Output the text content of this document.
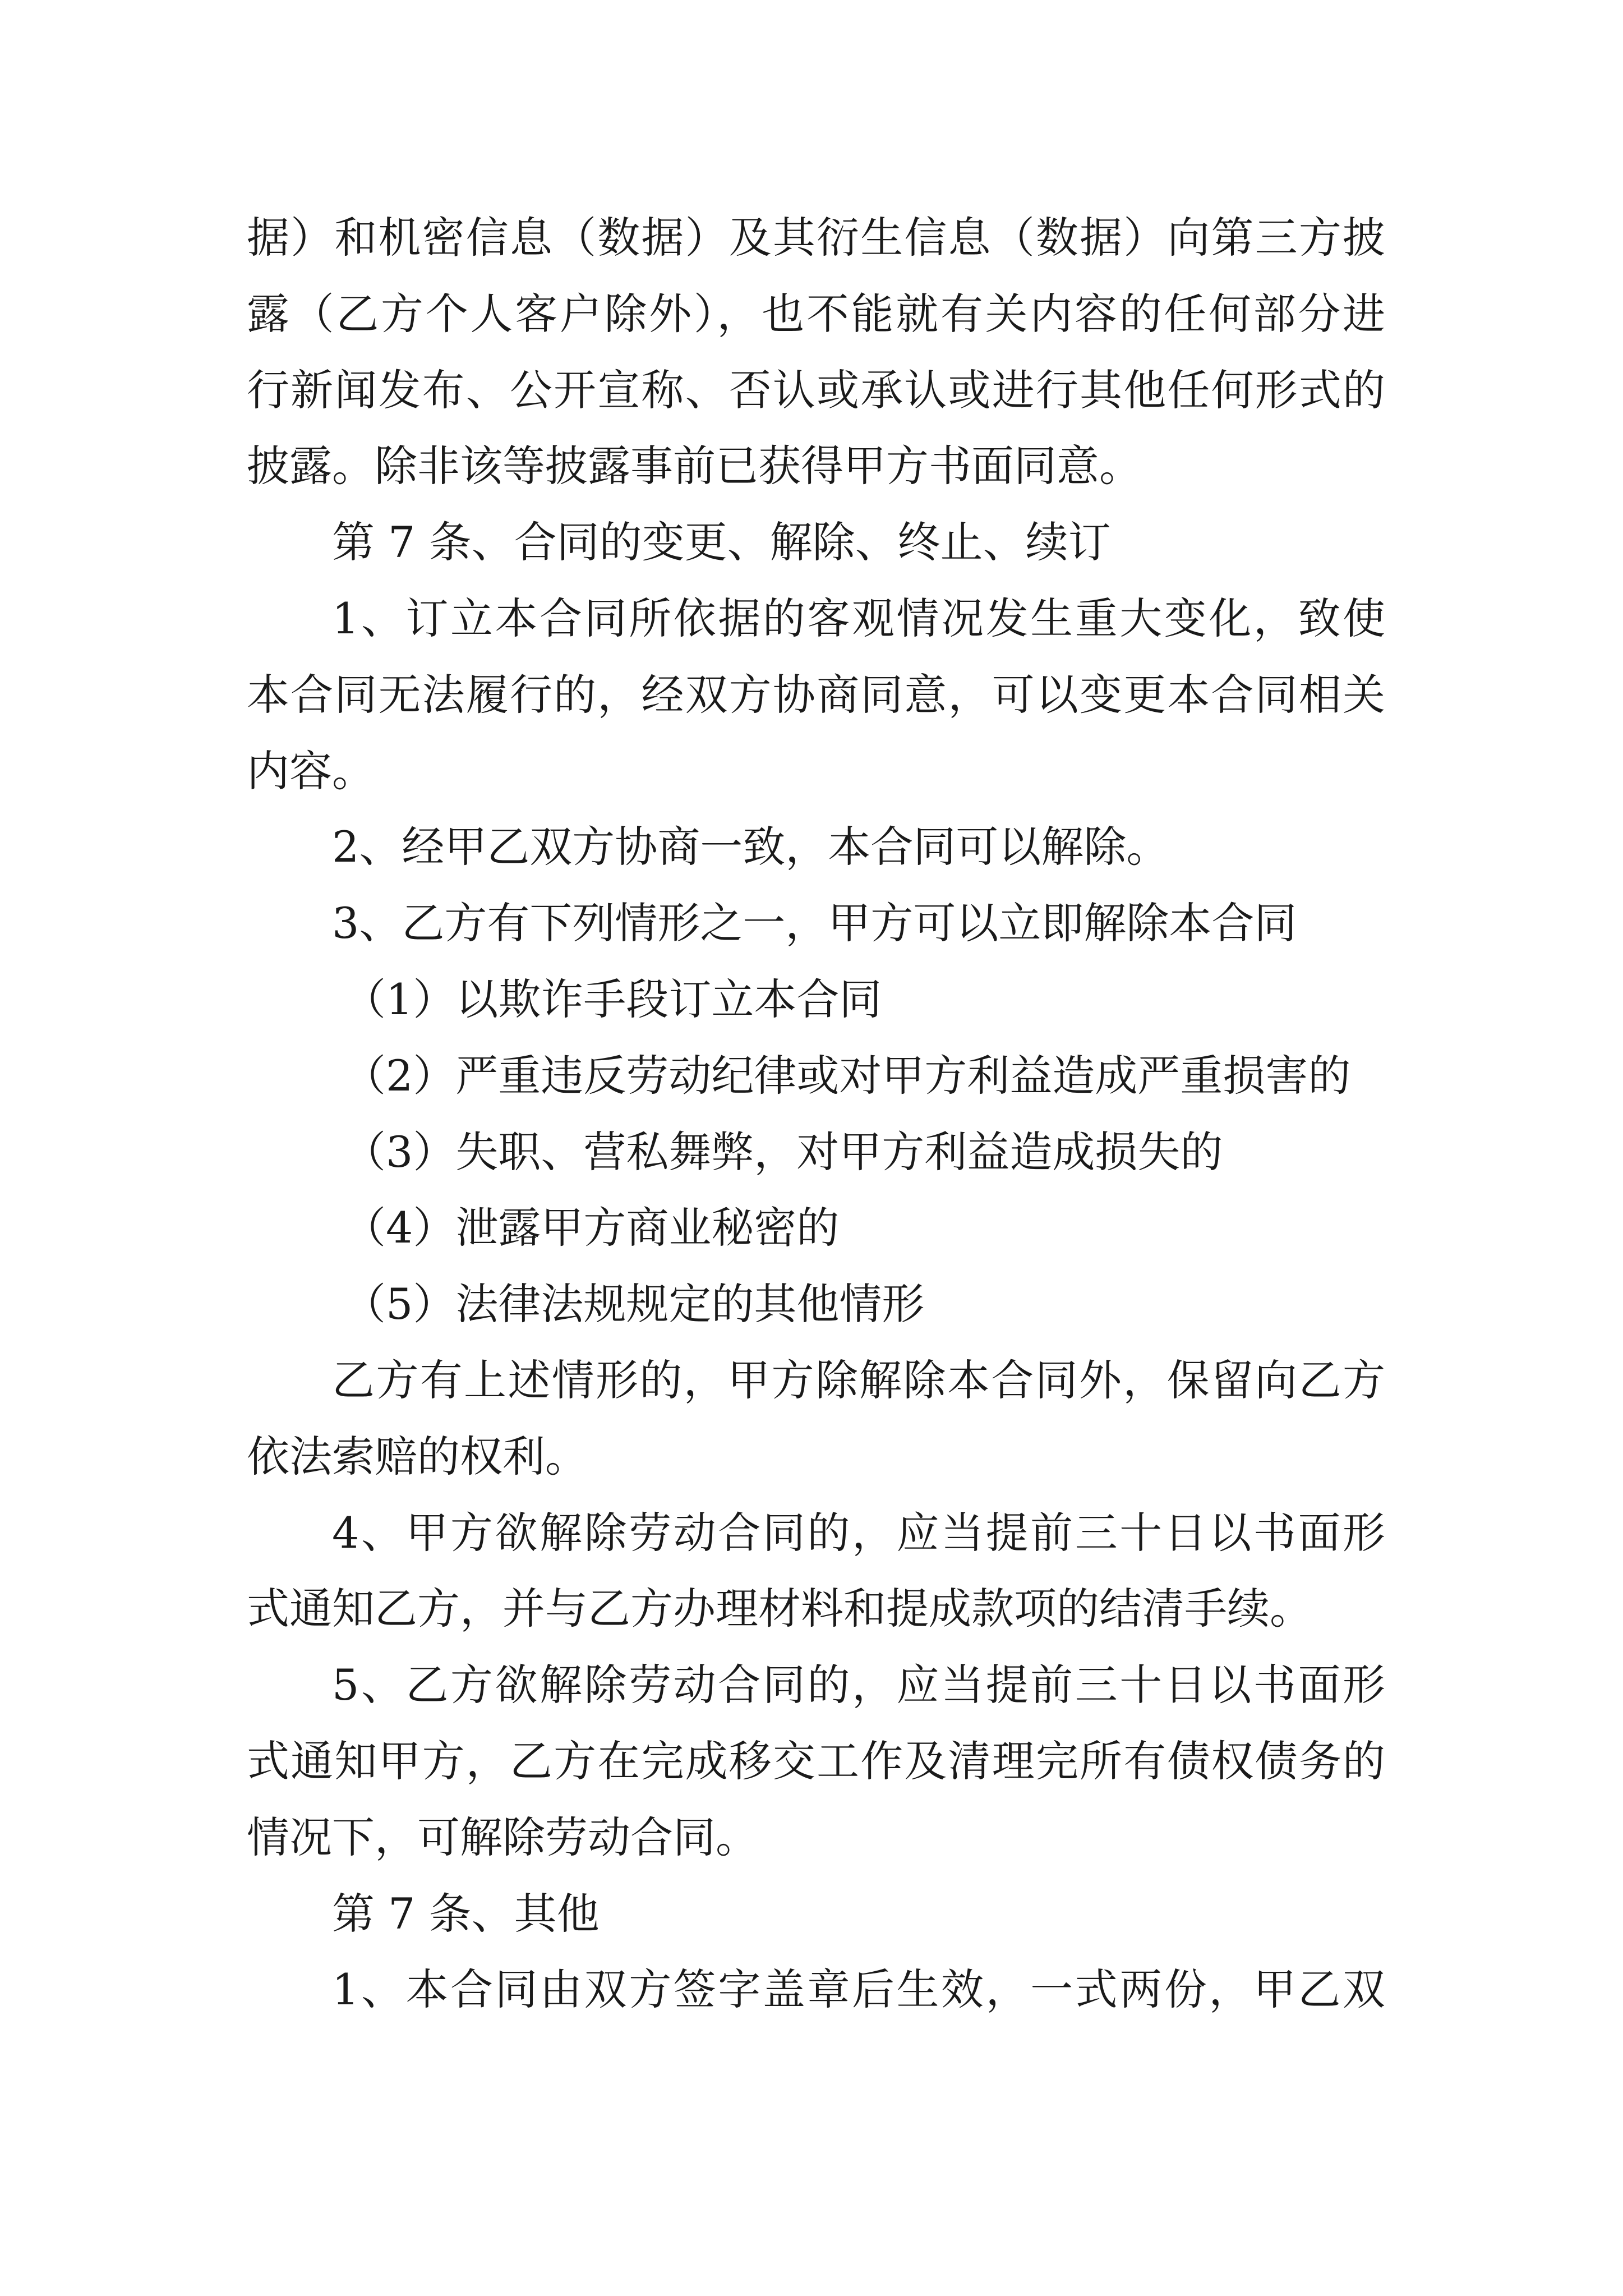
据）和机密信息（数据）及其衍生信息（数据）向第三方披
露（乙方个人客户除外），也不能就有关内容的任何部分进
行新闻发布、公开宣称、否认或承认或进行其他任何形式的
披露。除非该等披露事前已获得甲方书面同意。
第 7 条、合同的变更、解除、终止、续订
1、订立本合同所依据的客观情况发生重大变化，致使
本合同无法履行的，经双方协商同意，可以变更本合同相关
内容。
2、经甲乙双方协商一致，本合同可以解除。
3、乙方有下列情形之一，甲方可以立即解除本合同
（1）以欺诈手段订立本合同
（2）严重违反劳动纪律或对甲方利益造成严重损害的
（3）失职、营私舞弊，对甲方利益造成损失的
（4）泄露甲方商业秘密的
（5）法律法规规定的其他情形
乙方有上述情形的，甲方除解除本合同外，保留向乙方
依法索赔的权利。
4、甲方欲解除劳动合同的，应当提前三十日以书面形
式通知乙方，并与乙方办理材料和提成款项的结清手续。
5、乙方欲解除劳动合同的，应当提前三十日以书面形
式通知甲方，乙方在完成移交工作及清理完所有债权债务的
情况下，可解除劳动合同。
第 7 条、其他
1、本合同由双方签字盖章后生效，一式两份，甲乙双
